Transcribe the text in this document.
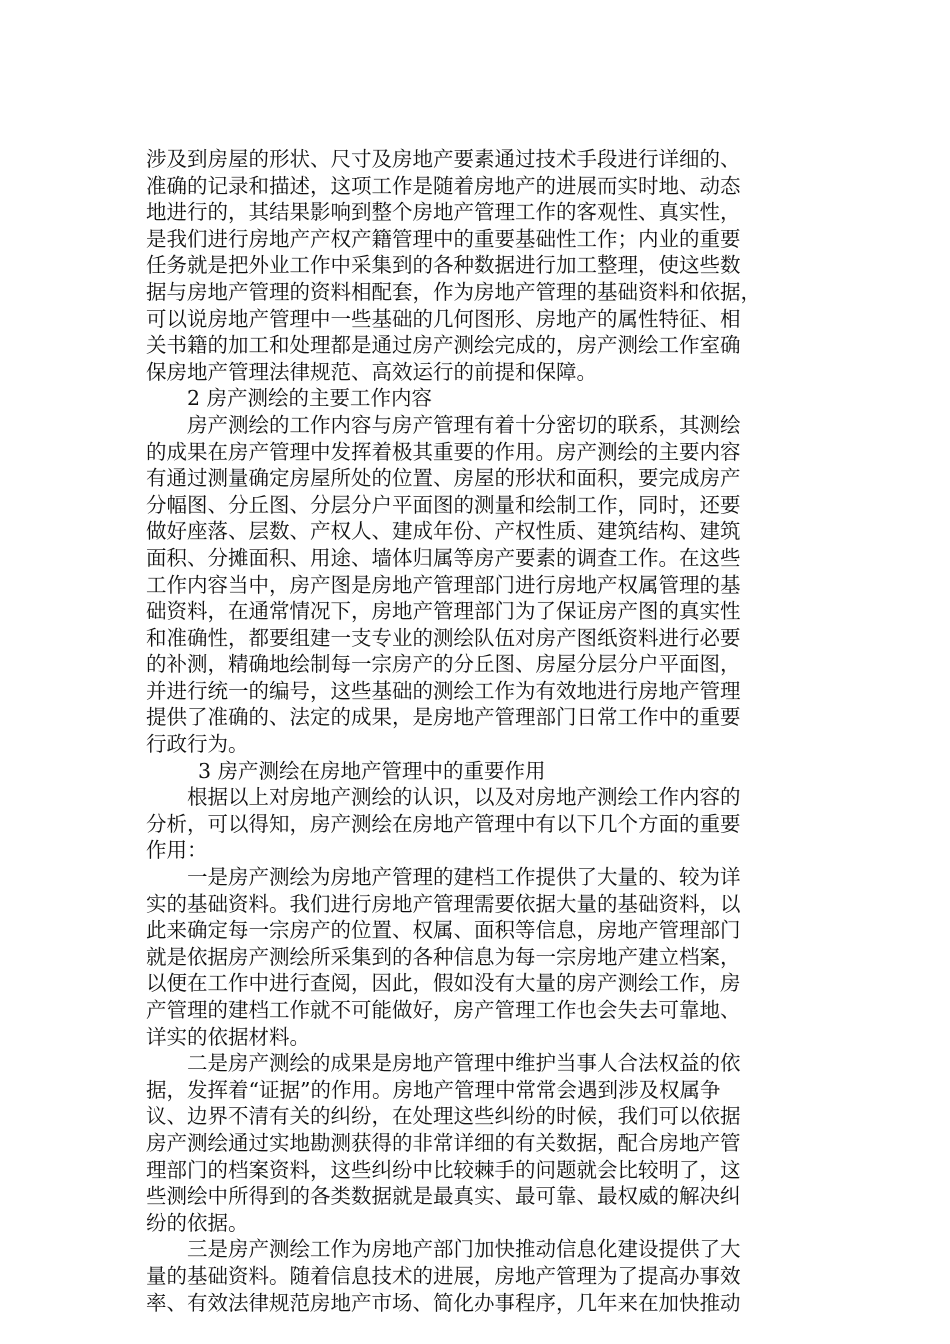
涉及到房屋的形状、尺寸及房地产要素通过技术手段进行详细的、
准确的记录和描述，这项工作是随着房地产的进展而实时地、动态
地进行的，其结果影响到整个房地产管理工作的客观性、真实性，
是我们进行房地产产权产籍管理中的重要基础性工作；内业的重要
任务就是把外业工作中采集到的各种数据进行加工整理，使这些数
据与房地产管理的资料相配套，作为房地产管理的基础资料和依据，
可以说房地产管理中一些基础的几何图形、房地产的属性特征、相
关书籍的加工和处理都是通过房产测绘完成的，房产测绘工作室确
保房地产管理法律规范、高效运行的前提和保障。
2 房产测绘的主要工作内容
房产测绘的工作内容与房产管理有着十分密切的联系，其测绘
的成果在房产管理中发挥着极其重要的作用。房产测绘的主要内容
有通过测量确定房屋所处的位置、房屋的形状和面积，要完成房产
分幅图、分丘图、分层分户平面图的测量和绘制工作，同时，还要
做好座落、层数、产权人、建成年份、产权性质、建筑结构、建筑
面积、分摊面积、用途、墙体归属等房产要素的调查工作。在这些
工作内容当中，房产图是房地产管理部门进行房地产权属管理的基
础资料，在通常情况下，房地产管理部门为了保证房产图的真实性
和准确性，都要组建一支专业的测绘队伍对房产图纸资料进行必要
的补测，精确地绘制每一宗房产的分丘图、房屋分层分户平面图，
并进行统一的编号，这些基础的测绘工作为有效地进行房地产管理
提供了准确的、法定的成果，是房地产管理部门日常工作中的重要
行政行为。
3 房产测绘在房地产管理中的重要作用
根据以上对房地产测绘的认识，以及对房地产测绘工作内容的
分析，可以得知，房产测绘在房地产管理中有以下几个方面的重要
作用：
一是房产测绘为房地产管理的建档工作提供了大量的、较为详
实的基础资料。我们进行房地产管理需要依据大量的基础资料，以
此来确定每一宗房产的位置、权属、面积等信息，房地产管理部门
就是依据房产测绘所采集到的各种信息为每一宗房地产建立档案，
以便在工作中进行查阅，因此，假如没有大量的房产测绘工作，房
产管理的建档工作就不可能做好，房产管理工作也会失去可靠地、
详实的依据材料。
二是房产测绘的成果是房地产管理中维护当事人合法权益的依
据，发挥着“证据”的作用。房地产管理中常常会遇到涉及权属争
议、边界不清有关的纠纷，在处理这些纠纷的时候，我们可以依据
房产测绘通过实地勘测获得的非常详细的有关数据，配合房地产管
理部门的档案资料，这些纠纷中比较棘手的问题就会比较明了，这
些测绘中所得到的各类数据就是最真实、最可靠、最权威的解决纠
纷的依据。
三是房产测绘工作为房地产部门加快推动信息化建设提供了大
量的基础资料。随着信息技术的进展，房地产管理为了提高办事效
率、有效法律规范房地产市场、简化办事程序，几年来在加快推动
